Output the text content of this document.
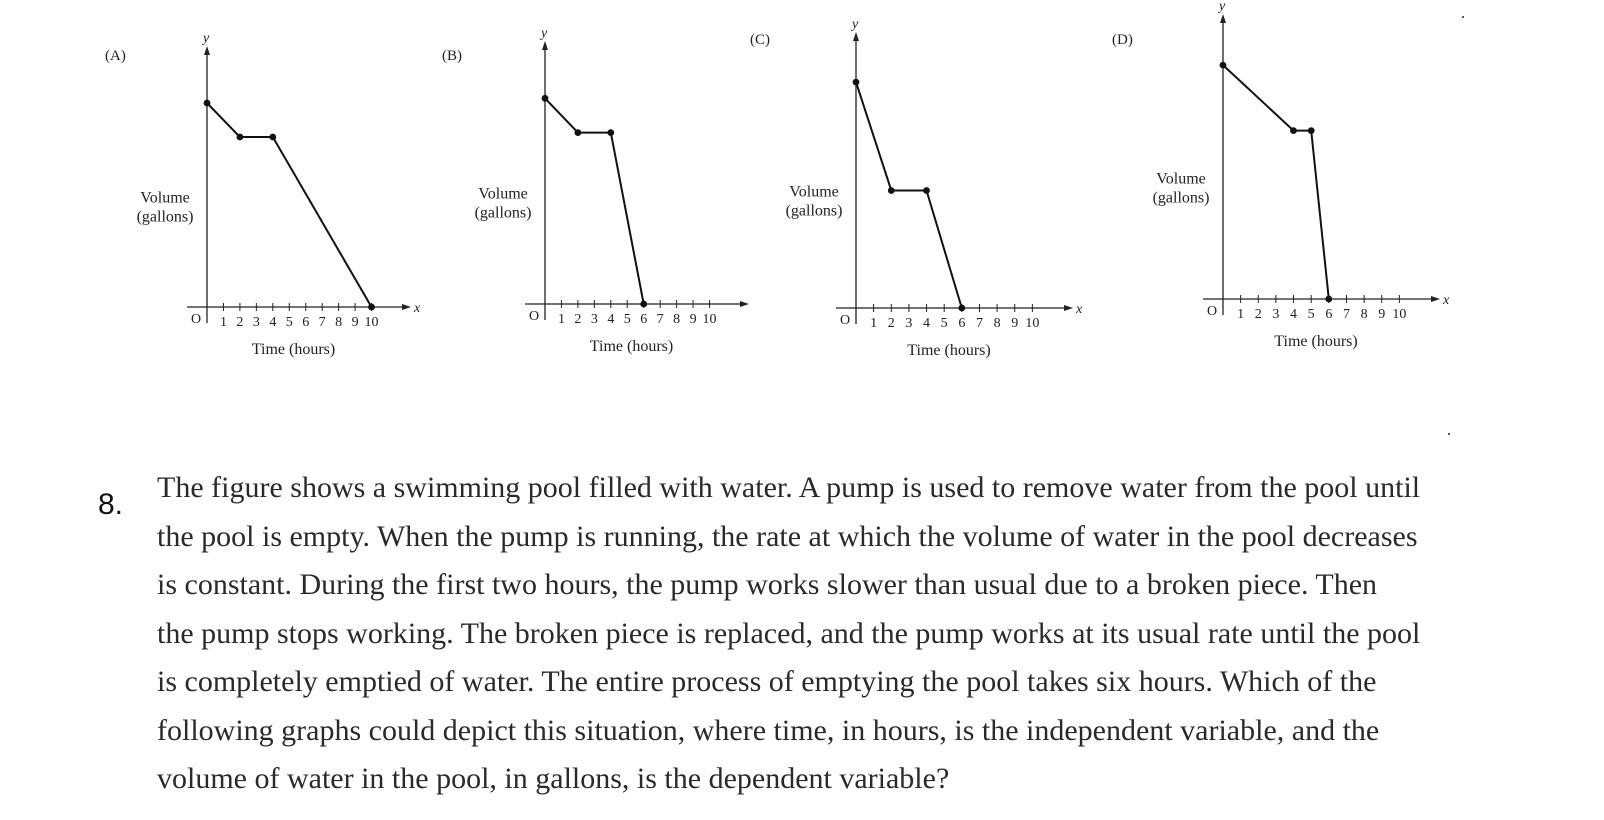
(A)
x
y
O 1 2 3 4 5 6 7 8 9 10
Time (hours)
Volume
(gallons)
(B)
y
O 1 2 3 4 5 6 7 8 9 10
Time (hours)
Volume
(gallons)
(C)
x
y
O 1 2 3 4 5 6 7 8 9 10
Time (hours)
Volume
(gallons)
(D)
x
y
O 1 2 3 4 5 6 7 8 9 10
Time (hours)
Volume
(gallons)
8.
The figure shows a swimming pool filled with water. A pump is used to remove water from the pool until
the pool is empty. When the pump is running, the rate at which the volume of water in the pool decreases
is constant. During the first two hours, the pump works slower than usual due to a broken piece. Then
the pump stops working. The broken piece is replaced, and the pump works at its usual rate until the pool
is completely emptied of water. The entire process of emptying the pool takes six hours. Which of the
following graphs could depict this situation, where time, in hours, is the independent variable, and the
volume of water in the pool, in gallons, is the dependent variable?
